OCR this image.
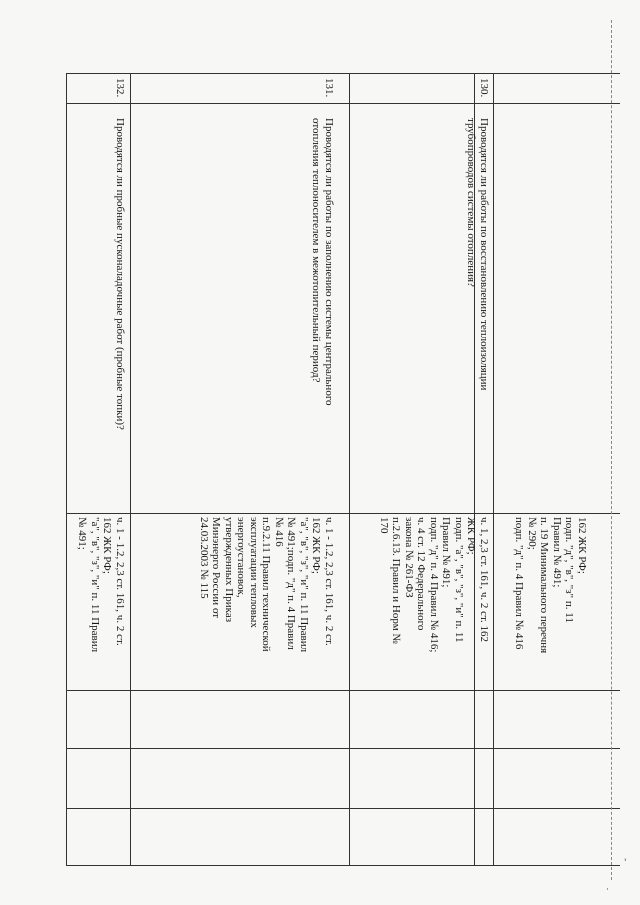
162 ЖК РФ;
подп. "д", "в", "з" п. 11
Правил № 491;
п. 19 Минимального перечня
№ 290;
подп. "д" п. 4 Правил № 416
130.
Проводятся ли работы по восстановлению теплоизоляции
трубопроводов системы отопления?
ч. 1, 2,3 ст. 161, ч. 2 ст. 162
ЖК РФ;
подп. "а", "в", "з", "и" п. 11
Правил № 491;
подп. "д" п. 4 Правил № 416;
ч. 4 ст. 12 Федерального
закона № 261-ФЗ
п.2.6.13. Правил и Норм №
170
131.
Проводятся ли работы по заполнению системы центрального
отопления теплоносителем в межотопительный период?
ч. 1 - 1.2, 2,3 ст. 161, ч. 2 ст.
162 ЖК РФ;
"а", "в", "з", "и" п. 11 Правил
№ 491;подп. "д" п. 4 Правил
№ 416
п.9.2.11 Правил технической
эксплуатации тепловых
энергоустановок,
утвержденных Приказ
Минэнерго России от
24.03.2003 № 115
132.
Проводятся ли пробные пусконаладочные работ (пробные топки)?
ч. 1 - 1.2, 2,3 ст. 161, ч. 2 ст.
162 ЖК РФ;
"а", "в", "з", "и" п. 11 Правил
№ 491;
'
·
